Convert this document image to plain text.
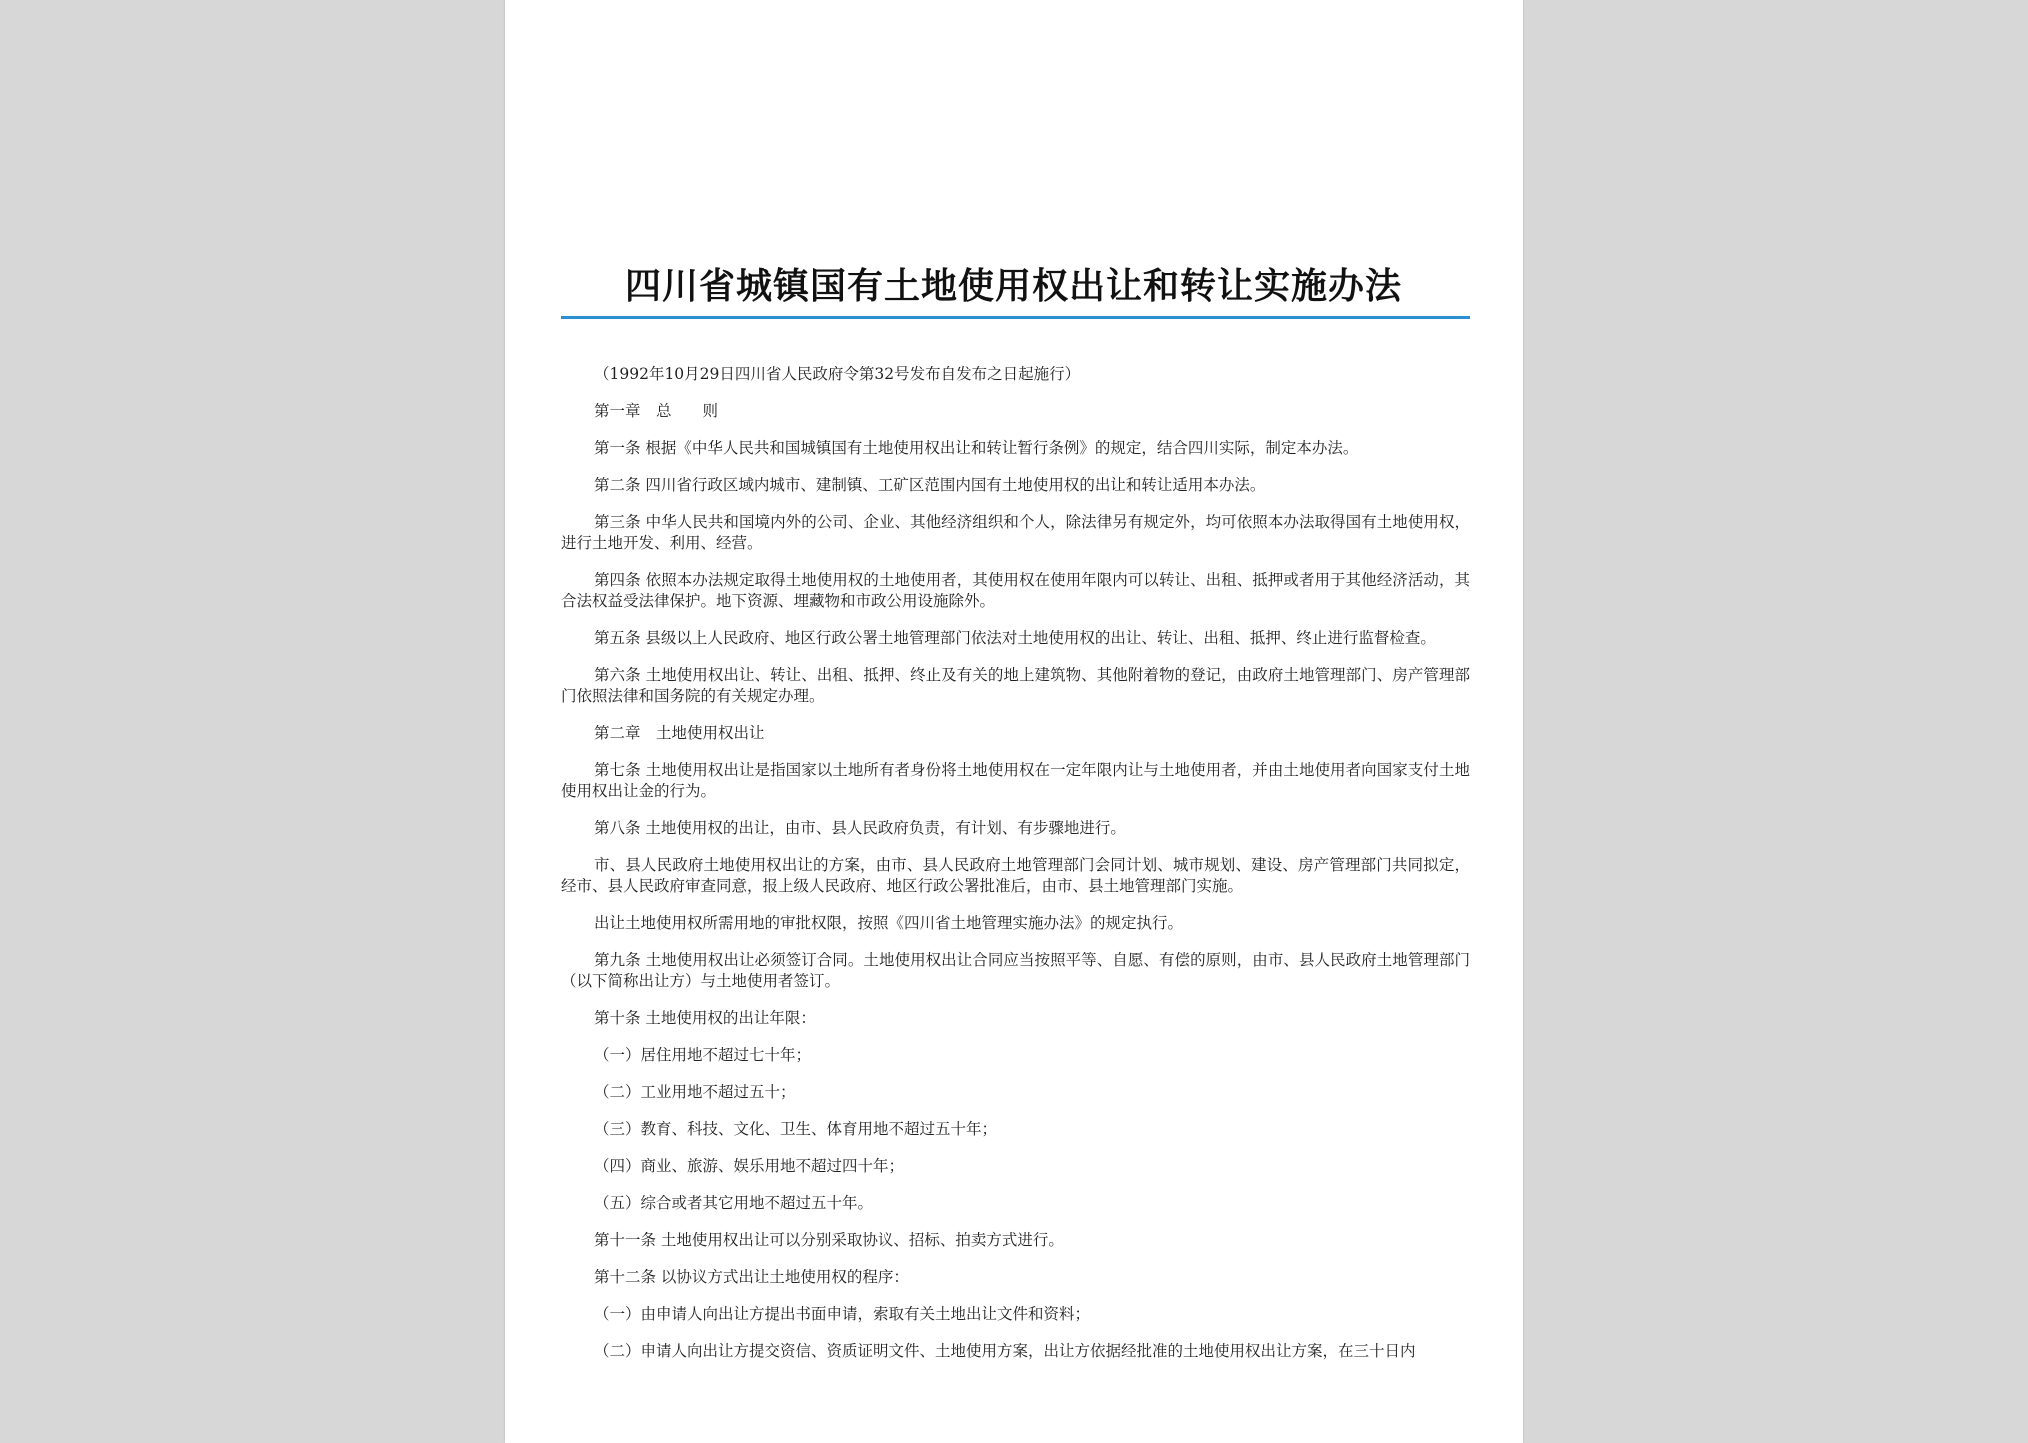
四川省城镇国有土地使用权出让和转让实施办法

（1992年10月29日四川省人民政府令第32号发布自发布之日起施行）

第一章　总　　则

第一条 根据《中华人民共和国城镇国有土地使用权出让和转让暂行条例》的规定，结合四川实际，制定本办法。

第二条 四川省行政区域内城市、建制镇、工矿区范围内国有土地使用权的出让和转让适用本办法。

第三条 中华人民共和国境内外的公司、企业、其他经济组织和个人，除法律另有规定外，均可依照本办法取得国有土地使用权，进行土地开发、利用、经营。

第四条 依照本办法规定取得土地使用权的土地使用者，其使用权在使用年限内可以转让、出租、抵押或者用于其他经济活动，其合法权益受法律保护。地下资源、埋藏物和市政公用设施除外。

第五条 县级以上人民政府、地区行政公署土地管理部门依法对土地使用权的出让、转让、出租、抵押、终止进行监督检查。

第六条 土地使用权出让、转让、出租、抵押、终止及有关的地上建筑物、其他附着物的登记，由政府土地管理部门、房产管理部门依照法律和国务院的有关规定办理。

第二章　土地使用权出让

第七条 土地使用权出让是指国家以土地所有者身份将土地使用权在一定年限内让与土地使用者，并由土地使用者向国家支付土地使用权出让金的行为。

第八条 土地使用权的出让，由市、县人民政府负责，有计划、有步骤地进行。

市、县人民政府土地使用权出让的方案，由市、县人民政府土地管理部门会同计划、城市规划、建设、房产管理部门共同拟定，经市、县人民政府审查同意，报上级人民政府、地区行政公署批准后，由市、县土地管理部门实施。

出让土地使用权所需用地的审批权限，按照《四川省土地管理实施办法》的规定执行。

第九条 土地使用权出让必须签订合同。土地使用权出让合同应当按照平等、自愿、有偿的原则，由市、县人民政府土地管理部门（以下简称出让方）与土地使用者签订。

第十条 土地使用权的出让年限：

（一）居住用地不超过七十年；

（二）工业用地不超过五十；

（三）教育、科技、文化、卫生、体育用地不超过五十年；

（四）商业、旅游、娱乐用地不超过四十年；

（五）综合或者其它用地不超过五十年。

第十一条 土地使用权出让可以分别采取协议、招标、拍卖方式进行。

第十二条 以协议方式出让土地使用权的程序：

（一）由申请人向出让方提出书面申请，索取有关土地出让文件和资料；

（二）申请人向出让方提交资信、资质证明文件、土地使用方案，出让方依据经批准的土地使用权出让方案，在三十日内
